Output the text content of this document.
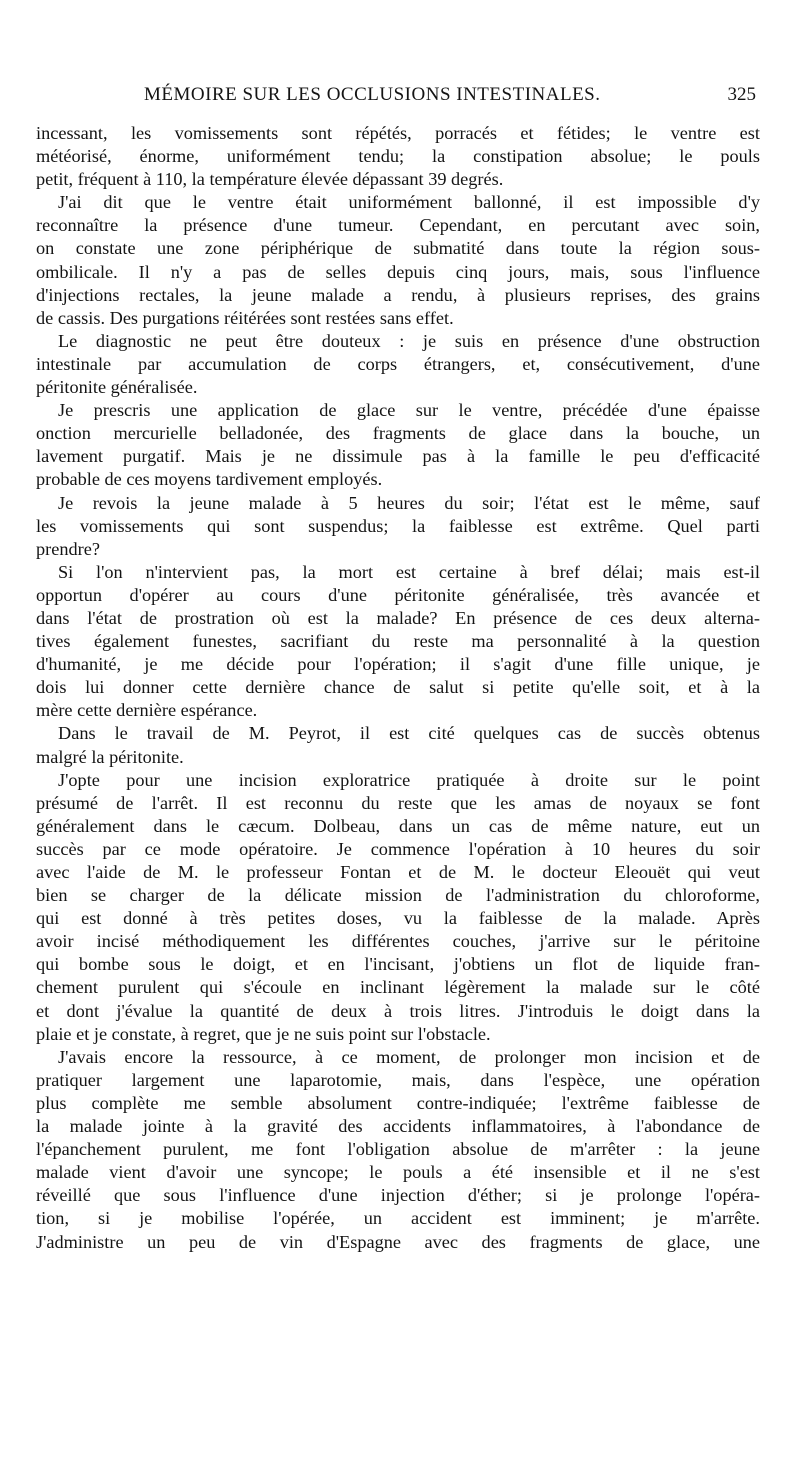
MÉMOIRE SUR LES OCCLUSIONS INTESTINALES.	325
incessant, les vomissements sont répétés, porracés et fétides; le ventre est
météorisé, énorme, uniformément tendu; la constipation absolue; le pouls
petit, fréquent à 110, la température élevée dépassant 39 degrés.
J'ai dit que le ventre était uniformément ballonné, il est impossible d'y
reconnaître la présence d'une tumeur. Cependant, en percutant avec soin,
on constate une zone périphérique de submatité dans toute la région sous-
ombilicale. Il n'y a pas de selles depuis cinq jours, mais, sous l'influence
d'injections rectales, la jeune malade a rendu, à plusieurs reprises, des grains
de cassis. Des purgations réitérées sont restées sans effet.
Le diagnostic ne peut être douteux : je suis en présence d'une obstruction
intestinale par accumulation de corps étrangers, et, consécutivement, d'une
péritonite généralisée.
Je prescris une application de glace sur le ventre, précédée d'une épaisse
onction mercurielle belladonée, des fragments de glace dans la bouche, un
lavement purgatif. Mais je ne dissimule pas à la famille le peu d'efficacité
probable de ces moyens tardivement employés.
Je revois la jeune malade à 5 heures du soir; l'état est le même, sauf
les vomissements qui sont suspendus; la faiblesse est extrême. Quel parti
prendre?
Si l'on n'intervient pas, la mort est certaine à bref délai; mais est-il
opportun d'opérer au cours d'une péritonite généralisée, très avancée et
dans l'état de prostration où est la malade? En présence de ces deux alterna-
tives également funestes, sacrifiant du reste ma personnalité à la question
d'humanité, je me décide pour l'opération; il s'agit d'une fille unique, je
dois lui donner cette dernière chance de salut si petite qu'elle soit, et à la
mère cette dernière espérance.
Dans le travail de M. Peyrot, il est cité quelques cas de succès obtenus
malgré la péritonite.
J'opte pour une incision exploratrice pratiquée à droite sur le point
présumé de l'arrêt. Il est reconnu du reste que les amas de noyaux se font
généralement dans le cæcum. Dolbeau, dans un cas de même nature, eut un
succès par ce mode opératoire. Je commence l'opération à 10 heures du soir
avec l'aide de M. le professeur Fontan et de M. le docteur Eleouët qui veut
bien se charger de la délicate mission de l'administration du chloroforme,
qui est donné à très petites doses, vu la faiblesse de la malade. Après
avoir incisé méthodiquement les différentes couches, j'arrive sur le péritoine
qui bombe sous le doigt, et en l'incisant, j'obtiens un flot de liquide fran-
chement purulent qui s'écoule en inclinant légèrement la malade sur le côté
et dont j'évalue la quantité de deux à trois litres. J'introduis le doigt dans la
plaie et je constate, à regret, que je ne suis point sur l'obstacle.
J'avais encore la ressource, à ce moment, de prolonger mon incision et de
pratiquer largement une laparotomie, mais, dans l'espèce, une opération
plus complète me semble absolument contre-indiquée; l'extrême faiblesse de
la malade jointe à la gravité des accidents inflammatoires, à l'abondance de
l'épanchement purulent, me font l'obligation absolue de m'arrêter : la jeune
malade vient d'avoir une syncope; le pouls a été insensible et il ne s'est
réveillé que sous l'influence d'une injection d'éther; si je prolonge l'opéra-
tion, si je mobilise l'opérée, un accident est imminent; je m'arrête.
J'administre un peu de vin d'Espagne avec des fragments de glace, une
